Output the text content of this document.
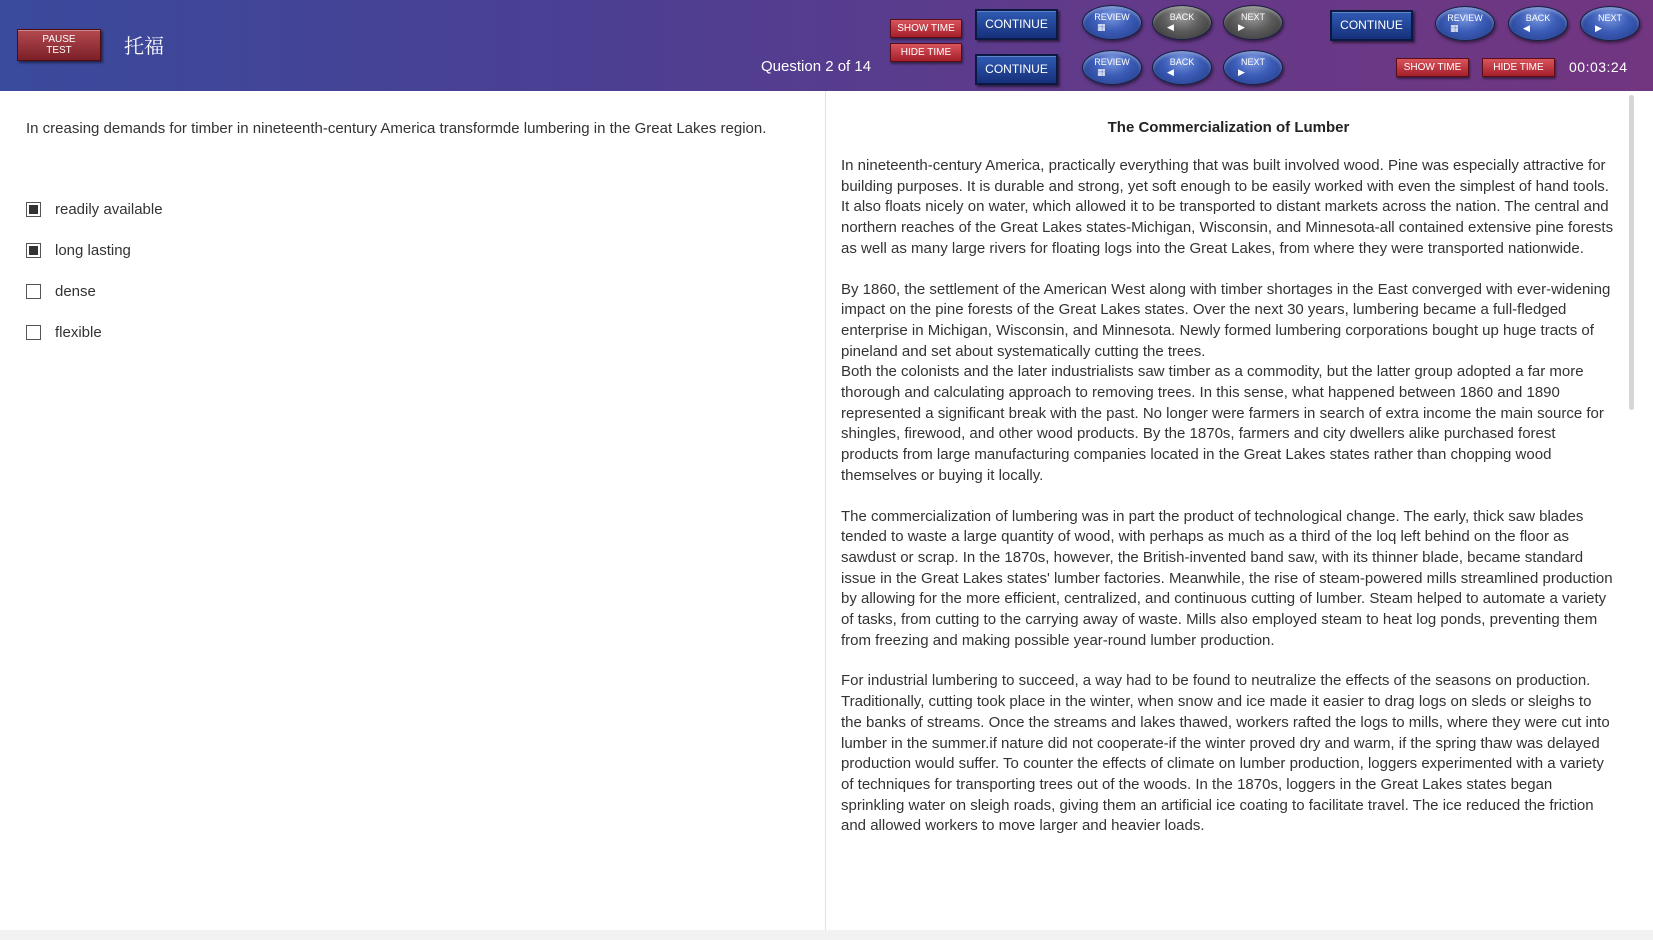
PAUSE
TEST	托福
Question 2 of 14
SHOW TIME
HIDE TIME
CONTINUE
CONTINUE
REVIEW
▦
BACK
◀
NEXT
▶
REVIEW
▦
BACK
◀
NEXT
▶
CONTINUE	REVIEW
▦
BACK
◀
NEXT
▶
SHOW TIME	HIDE TIME	00:03:24
In creasing demands for timber in nineteenth-century America transformde lumbering in the Great Lakes region.
readily available
long lasting
dense
flexible
The Commercialization of Lumber

In nineteenth-century America, practically everything that was built involved wood. Pine was especially attractive for building purposes. It is durable and strong, yet soft enough to be easily worked with even the simplest of hand tools. It also floats nicely on water, which allowed it to be transported to distant markets across the nation. The central and northern reaches of the Great Lakes states-Michigan, Wisconsin, and Minnesota-all contained extensive pine forests as well as many large rivers for floating logs into the Great Lakes, from where they were transported nationwide.

By 1860, the settlement of the American West along with timber shortages in the East converged with ever-widening impact on the pine forests of the Great Lakes states. Over the next 30 years, lumbering became a full-fledged enterprise in Michigan, Wisconsin, and Minnesota. Newly formed lumbering corporations bought up huge tracts of pineland and set about systematically cutting the trees.

Both the colonists and the later industrialists saw timber as a commodity, but the latter group adopted a far more thorough and calculating approach to removing trees. In this sense, what happened between 1860 and 1890 represented a significant break with the past. No longer were farmers in search of extra income the main source for shingles, firewood, and other wood products. By the 1870s, farmers and city dwellers alike purchased forest products from large manufacturing companies located in the Great Lakes states rather than chopping wood themselves or buying it locally.

The commercialization of lumbering was in part the product of technological change. The early, thick saw blades tended to waste a large quantity of wood, with perhaps as much as a third of the loq left behind on the floor as sawdust or scrap. In the 1870s, however, the British-invented band saw, with its thinner blade, became standard issue in the Great Lakes states' lumber factories. Meanwhile, the rise of steam-powered mills streamlined production by allowing for the more efficient, centralized, and continuous cutting of lumber. Steam helped to automate a variety of tasks, from cutting to the carrying away of waste. Mills also employed steam to heat log ponds, preventing them from freezing and making possible year-round lumber production.

For industrial lumbering to succeed, a way had to be found to neutralize the effects of the seasons on production. Traditionally, cutting took place in the winter, when snow and ice made it easier to drag logs on sleds or sleighs to the banks of streams. Once the streams and lakes thawed, workers rafted the logs to mills, where they were cut into lumber in the summer.if nature did not cooperate-if the winter proved dry and warm, if the spring thaw was delayed production would suffer. To counter the effects of climate on lumber production, loggers experimented with a variety of techniques for transporting trees out of the woods. In the 1870s, loggers in the Great Lakes states began sprinkling water on sleigh roads, giving them an artificial ice coating to facilitate travel. The ice reduced the friction and allowed workers to move larger and heavier loads.
